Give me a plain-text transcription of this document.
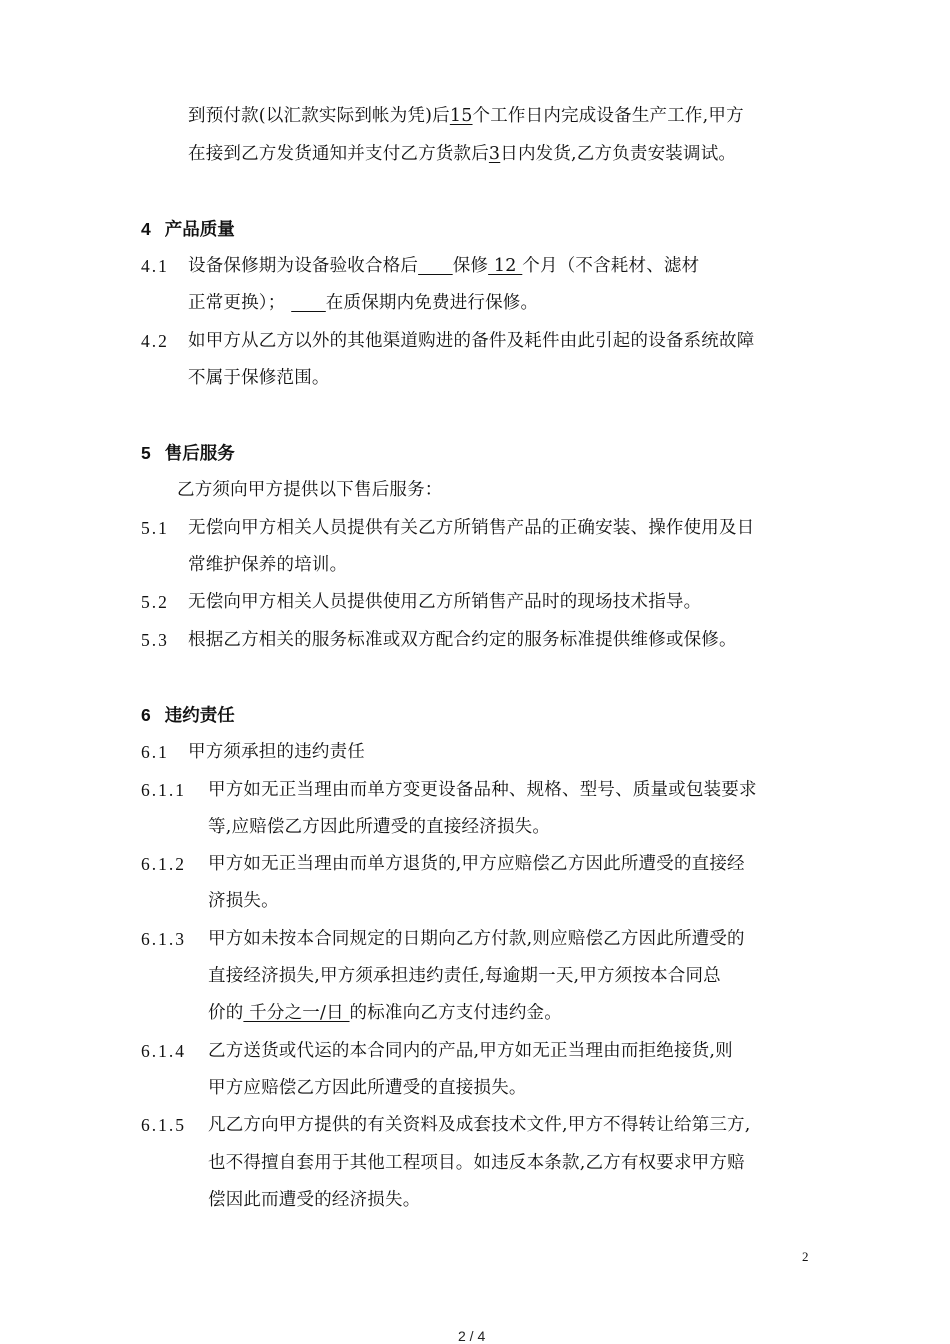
到预付款(以汇款实际到帐为凭)后15个工作日内完成设备生产工作,甲方
在接到乙方发货通知并支付乙方货款后3日内发货,乙方负责安装调试。
4 产品质量
4.1 设备保修期为设备验收合格后 保修 12 个月（不含耗材、滤材
正常更换）； 在质保期内免费进行保修。
4.2 如甲方从乙方以外的其他渠道购进的备件及耗件由此引起的设备系统故障
不属于保修范围。
5 售后服务
乙方须向甲方提供以下售后服务：
5.1 无偿向甲方相关人员提供有关乙方所销售产品的正确安装、操作使用及日
常维护保养的培训。
5.2 无偿向甲方相关人员提供使用乙方所销售产品时的现场技术指导。
5.3 根据乙方相关的服务标准或双方配合约定的服务标准提供维修或保修。
6 违约责任
6.1 甲方须承担的违约责任
6.1.1 甲方如无正当理由而单方变更设备品种、规格、型号、质量或包装要求
等,应赔偿乙方因此所遭受的直接经济损失。
6.1.2 甲方如无正当理由而单方退货的,甲方应赔偿乙方因此所遭受的直接经
济损失。
6.1.3 甲方如未按本合同规定的日期向乙方付款,则应赔偿乙方因此所遭受的
直接经济损失,甲方须承担违约责任,每逾期一天,甲方须按本合同总
价的 千分之一/日 的标准向乙方支付违约金。
6.1.4 乙方送货或代运的本合同内的产品,甲方如无正当理由而拒绝接货,则
甲方应赔偿乙方因此所遭受的直接损失。
6.1.5 凡乙方向甲方提供的有关资料及成套技术文件,甲方不得转让给第三方,
也不得擅自套用于其他工程项目。如违反本条款,乙方有权要求甲方赔
偿因此而遭受的经济损失。
2
2 / 4
